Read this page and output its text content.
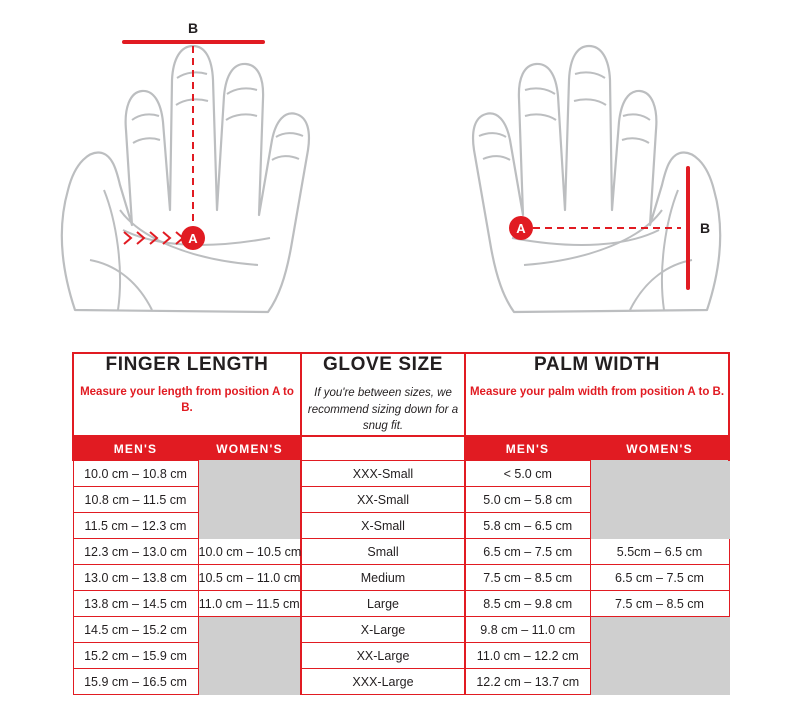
A
B
A	B
FINGER LENGTH
Measure your length from position A to B.

GLOVE SIZE
If you're between sizes, we recommend sizing down for a snug fit.

PALM WIDTH
Measure your palm width from position A to B.

MEN'S	WOMEN'S		MEN'S	WOMEN'S
10.0 cm – 10.8 cm		XXX-Small	< 5.0 cm	
10.8 cm – 11.5 cm		XX-Small	5.0 cm – 5.8 cm	
11.5 cm – 12.3 cm		X-Small	5.8 cm – 6.5 cm	
12.3 cm – 13.0 cm	10.0 cm – 10.5 cm	Small	6.5 cm – 7.5 cm	5.5cm – 6.5 cm
13.0 cm – 13.8 cm	10.5 cm – 11.0 cm	Medium	7.5 cm – 8.5 cm	6.5 cm – 7.5 cm
13.8 cm – 14.5 cm	11.0 cm – 11.5 cm	Large	8.5 cm – 9.8 cm	7.5 cm – 8.5 cm
14.5 cm – 15.2 cm		X-Large	9.8 cm – 11.0 cm	
15.2 cm – 15.9 cm		XX-Large	11.0 cm – 12.2 cm	
15.9 cm – 16.5 cm		XXX-Large	12.2 cm – 13.7 cm	
